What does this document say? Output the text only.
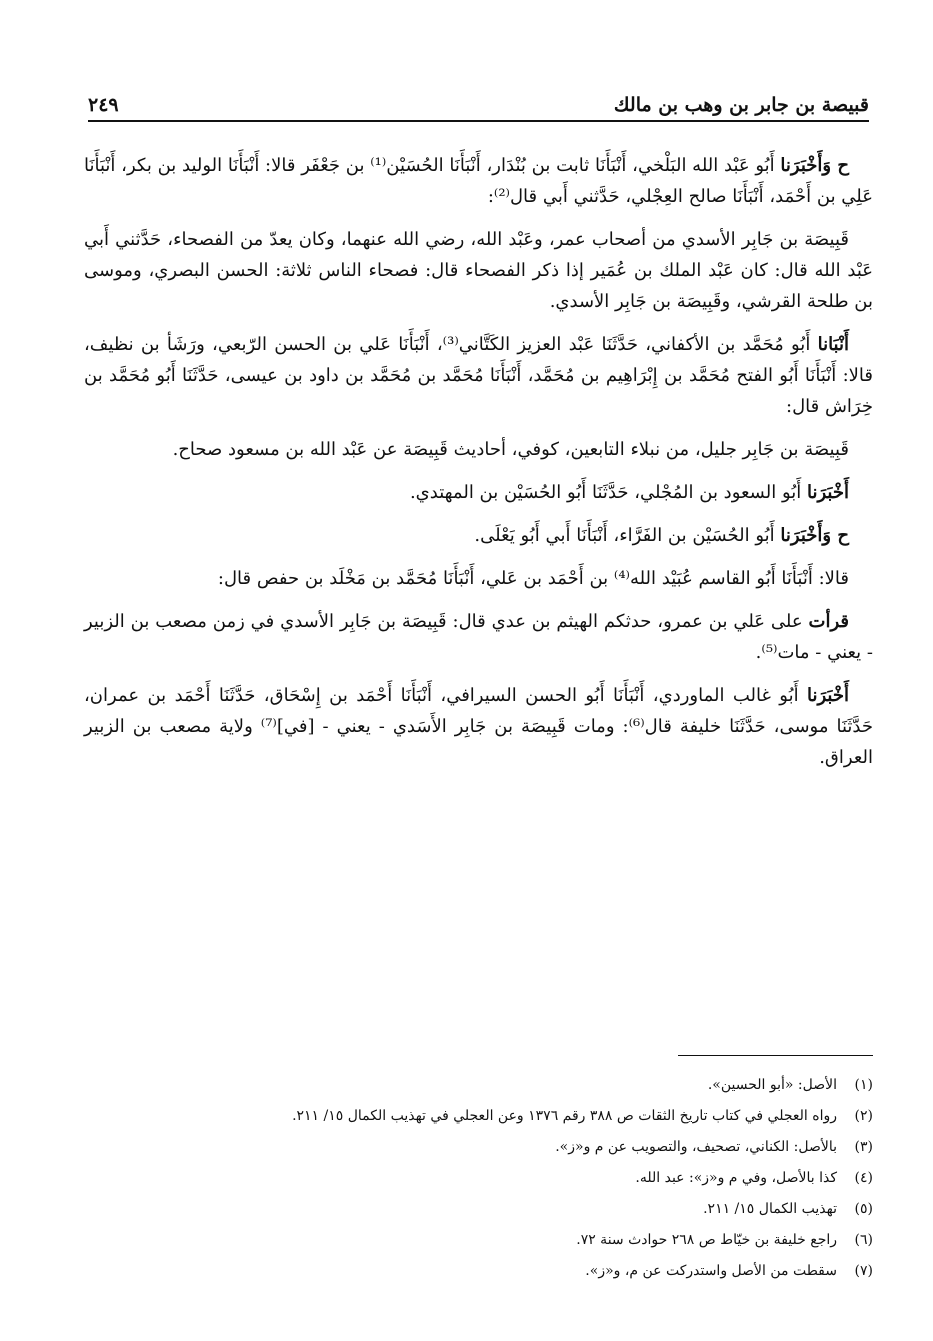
قبيصة بن جابر بن وهب بن مالك
٢٤٩

ح وَأَخْبَرَنا أَبُو عَبْد الله البَلْخي، أَنْبَأَنَا ثابت بن بُنْدَار، أَنْبَأَنَا الحُسَيْن⁽¹⁾ بن جَعْفَر قالا: أَنْبَأَنَا الوليد بن بكر، أَنْبَأَنَا عَلِي بن أَحْمَد، أَنْبَأَنَا صالح العِجْلي، حَدَّثني أَبي قال⁽²⁾:

قَبِيصَة بن جَابِر الأسدي من أصحاب عمر، وعَبْد الله، رضي الله عنهما، وكان يعدّ من الفصحاء، حَدَّثني أَبي عَبْد الله قال: كان عَبْد الملك بن عُمَير إذا ذكر الفصحاء قال: فصحاء الناس ثلاثة: الحسن البصري، وموسى بن طلحة القرشي، وقَبِيصَة بن جَابِر الأسدي.

أَنْبَانا أَبُو مُحَمَّد بن الأكفاني، حَدَّثَنَا عَبْد العزيز الكَتَّاني⁽³⁾، أَنْبَأَنَا عَلي بن الحسن الرّبعي، ورَشَأ بن نظيف، قالا: أَنْبَأَنَا أَبُو الفتح مُحَمَّد بن إِبْرَاهِيم بن مُحَمَّد، أَنْبَأَنَا مُحَمَّد بن مُحَمَّد بن داود بن عيسى، حَدَّثَنَا أَبُو مُحَمَّد بن خِرَاش قال:

قَبِيصَة بن جَابِر جليل، من نبلاء التابعين، كوفي، أحاديث قَبِيصَة عن عَبْد الله بن مسعود صحاح.

أَخْبَرَنا أَبُو السعود بن المُجْلي، حَدَّثَنَا أَبُو الحُسَيْن بن المهتدي.

ح وَأَخْبَرَنا أَبُو الحُسَيْن بن الفَرَّاء، أَنْبَأَنَا أَبي أَبُو يَعْلَى.

قالا: أَنْبَأَنَا أَبُو القاسم عُبَيْد الله⁽⁴⁾ بن أَحْمَد بن عَلي، أَنْبَأَنَا مُحَمَّد بن مَخْلَد بن حفص قال:

قرأت على عَلي بن عمرو، حدثكم الهيثم بن عدي قال: قَبِيصَة بن جَابِر الأسدي في زمن مصعب بن الزبير - يعني - مات⁽⁵⁾.

أَخْبَرَنا أَبُو غالب الماوردي، أَنْبَأَنَا أَبُو الحسن السيرافي، أَنْبَأَنَا أَحْمَد بن إِسْحَاق، حَدَّثَنَا أَحْمَد بن عمران، حَدَّثَنَا موسى، حَدَّثَنَا خليفة قال⁽⁶⁾: ومات قَبِيصَة بن جَابِر الأَسَدي - يعني - [في]⁽⁷⁾ ولاية مصعب بن الزبير العراق.

(١)الأصل: «أبو الحسين».
(٢)رواه العجلي في كتاب تاريخ الثقات ص ٣٨٨ رقم ١٣٧٦ وعن العجلي في تهذيب الكمال ١٥/ ٢١١.
(٣)بالأصل: الكناني، تصحيف، والتصويب عن م و«ز».
(٤)كذا بالأصل، وفي م و«ز»: عبد الله.
(٥)تهذيب الكمال ١٥/ ٢١١.
(٦)راجع خليفة بن خيّاط ص ٢٦٨ حوادث سنة ٧٢.
(٧)سقطت من الأصل واستدركت عن م، و«ز».
